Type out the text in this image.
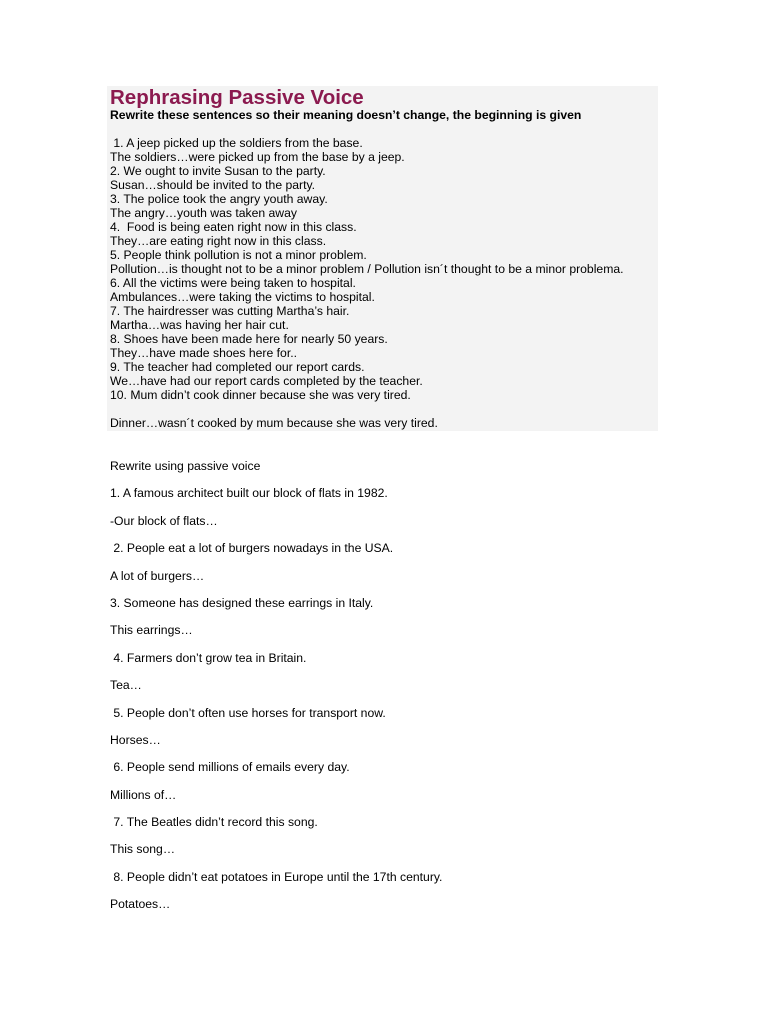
Rephrasing Passive Voice

Rewrite these sentences so their meaning doesn’t change, the beginning is given

1. A jeep picked up the soldiers from the base.
The soldiers…were picked up from the base by a jeep.
2. We ought to invite Susan to the party.
Susan…should be invited to the party.
3. The police took the angry youth away.
The angry…youth was taken away
4.  Food is being eaten right now in this class.
They…are eating right now in this class.
5. People think pollution is not a minor problem.
Pollution…is thought not to be a minor problem / Pollution isn´t thought to be a minor problema.
6. All the victims were being taken to hospital.
Ambulances…were taking the victims to hospital.
7. The hairdresser was cutting Martha’s hair.
Martha…was having her hair cut.
8. Shoes have been made here for nearly 50 years.
They…have made shoes here for..
9. The teacher had completed our report cards.
We…have had our report cards completed by the teacher.
10. Mum didn’t cook dinner because she was very tired.

Dinner…wasn´t cooked by mum because she was very tired.

Rewrite using passive voice
1. A famous architect built our block of flats in 1982.
-Our block of flats…
2. People eat a lot of burgers nowadays in the USA.
A lot of burgers…
3. Someone has designed these earrings in Italy.
This earrings…
4. Farmers don’t grow tea in Britain.
Tea…
5. People don’t often use horses for transport now.
Horses…
6. People send millions of emails every day.
Millions of…
7. The Beatles didn’t record this song.
This song…
8. People didn’t eat potatoes in Europe until the 17th century.
Potatoes…
